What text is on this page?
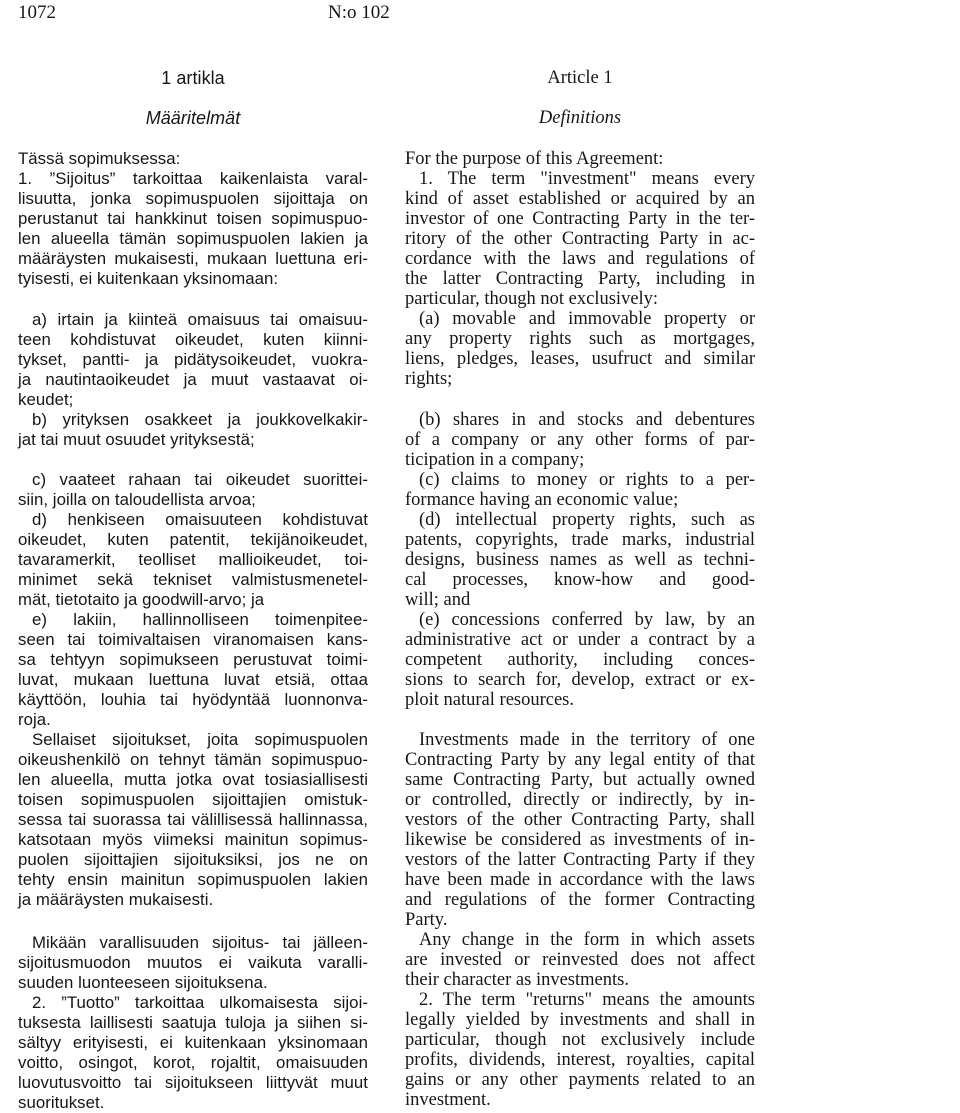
1072	N:o 102
1 artikla
Määritelmät
Tässä sopimuksessa:
1. ”Sijoitus” tarkoittaa kaikenlaista varal-
lisuutta, jonka sopimuspuolen sijoittaja on
perustanut tai hankkinut toisen sopimuspuo-
len alueella tämän sopimuspuolen lakien ja
määräysten mukaisesti, mukaan luettuna eri-
tyisesti, ei kuitenkaan yksinomaan:
a) irtain ja kiinteä omaisuus tai omaisuu-
teen kohdistuvat oikeudet, kuten kiinni-
tykset, pantti- ja pidätysoikeudet, vuokra-
ja nautintaoikeudet ja muut vastaavat oi-
keudet;
b) yrityksen osakkeet ja joukkovelkakir-
jat tai muut osuudet yrityksestä;
c) vaateet rahaan tai oikeudet suorittei-
siin, joilla on taloudellista arvoa;
d) henkiseen omaisuuteen kohdistuvat
oikeudet, kuten patentit, tekijänoikeudet,
tavaramerkit, teolliset mallioikeudet, toi-
minimet sekä tekniset valmistusmenetel-
mät, tietotaito ja goodwill-arvo; ja
e) lakiin, hallinnolliseen toimenpitee-
seen tai toimivaltaisen viranomaisen kans-
sa tehtyyn sopimukseen perustuvat toimi-
luvat, mukaan luettuna luvat etsiä, ottaa
käyttöön, louhia tai hyödyntää luonnonva-
roja.
Sellaiset sijoitukset, joita sopimuspuolen
oikeushenkilö on tehnyt tämän sopimuspuo-
len alueella, mutta jotka ovat tosiasiallisesti
toisen sopimuspuolen sijoittajien omistuk-
sessa tai suorassa tai välillisessä hallinnassa,
katsotaan myös viimeksi mainitun sopimus-
puolen sijoittajien sijoituksiksi, jos ne on
tehty ensin mainitun sopimuspuolen lakien
ja määräysten mukaisesti.
Mikään varallisuuden sijoitus- tai jälleen-
sijoitusmuodon muutos ei vaikuta varalli-
suuden luonteeseen sijoituksena.
2. ”Tuotto” tarkoittaa ulkomaisesta sijoi-
tuksesta laillisesti saatuja tuloja ja siihen si-
sältyy erityisesti, ei kuitenkaan yksinomaan
voitto, osingot, korot, rojaltit, omaisuuden
luovutusvoitto tai sijoitukseen liittyvät muut
suoritukset.
Article 1
Definitions
For the purpose of this Agreement:
1. The term "investment" means every
kind of asset established or acquired by an
investor of one Contracting Party in the ter-
ritory of the other Contracting Party in ac-
cordance with the laws and regulations of
the latter Contracting Party, including in
particular, though not exclusively:
(a) movable and immovable property or
any property rights such as mortgages,
liens, pledges, leases, usufruct and similar
rights;
(b) shares in and stocks and debentures
of a company or any other forms of par-
ticipation in a company;
(c) claims to money or rights to a per-
formance having an economic value;
(d) intellectual property rights, such as
patents, copyrights, trade marks, industrial
designs, business names as well as techni-
cal processes, know-how and good-
will; and
(e) concessions conferred by law, by an
administrative act or under a contract by a
competent authority, including conces-
sions to search for, develop, extract or ex-
ploit natural resources.
Investments made in the territory of one
Contracting Party by any legal entity of that
same Contracting Party, but actually owned
or controlled, directly or indirectly, by in-
vestors of the other Contracting Party, shall
likewise be considered as investments of in-
vestors of the latter Contracting Party if they
have been made in accordance with the laws
and regulations of the former Contracting
Party.
Any change in the form in which assets
are invested or reinvested does not affect
their character as investments.
2. The term "returns" means the amounts
legally yielded by investments and shall in
particular, though not exclusively include
profits, dividends, interest, royalties, capital
gains or any other payments related to an
investment.
